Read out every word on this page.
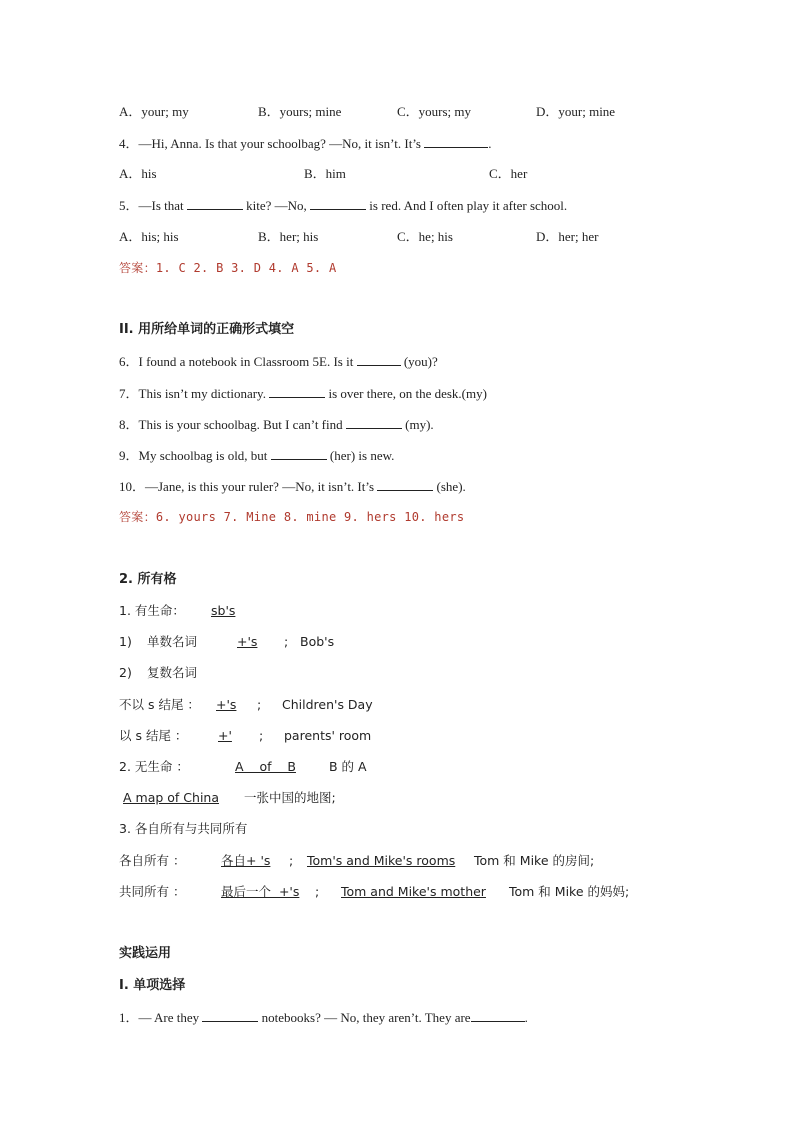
A．your; my	B．yours; mine	C．yours; my	D．your; mine
4．—Hi, Anna. Is that your schoolbag? —No, it isn’t. It’s	.
A．his	B．him	C．her
5．—Is that	kite? —No,	is red. And I often play it after school.
A．his; his	B．her; his	C．he; his	D．her; her
答案：1. C 2. B 3. D 4. A 5. A
II. 用所给单词的正确形式填空
6．I found a notebook in Classroom 5E. Is it	(you)?
7．This isn’t my dictionary.	is over there, on the desk.(my)
8．This is your schoolbag. But I can’t find	(my).
9．My schoolbag is old, but	(her) is new.
10．—Jane, is this your ruler? —No, it isn’t. It’s	(she).
答案：6. yours 7. Mine 8. mine 9. hers 10. hers
2. 所有格
1. 有生命：	sb's
1) 单数名词	+'s	; Bob's
2) 复数名词
不以 s 结尾 ：	+'s	; Children's Day
以 s 结尾 ：	+'	; parents' room
2. 无生命 ：	A    of    B	B 的 A
A map of China 一张中国的地图;
3. 各自所有与共同所有
各自所有 ：	各自+ 's	;	Tom's and Mike's rooms	Tom 和 Mike 的房间;
共同所有 ：	最后一个  +'s	;	Tom and Mike's mother	Tom 和 Mike 的妈妈;
实践运用
I. 单项选择
1．— Are they	notebooks? — No, they aren’t. They are	.
